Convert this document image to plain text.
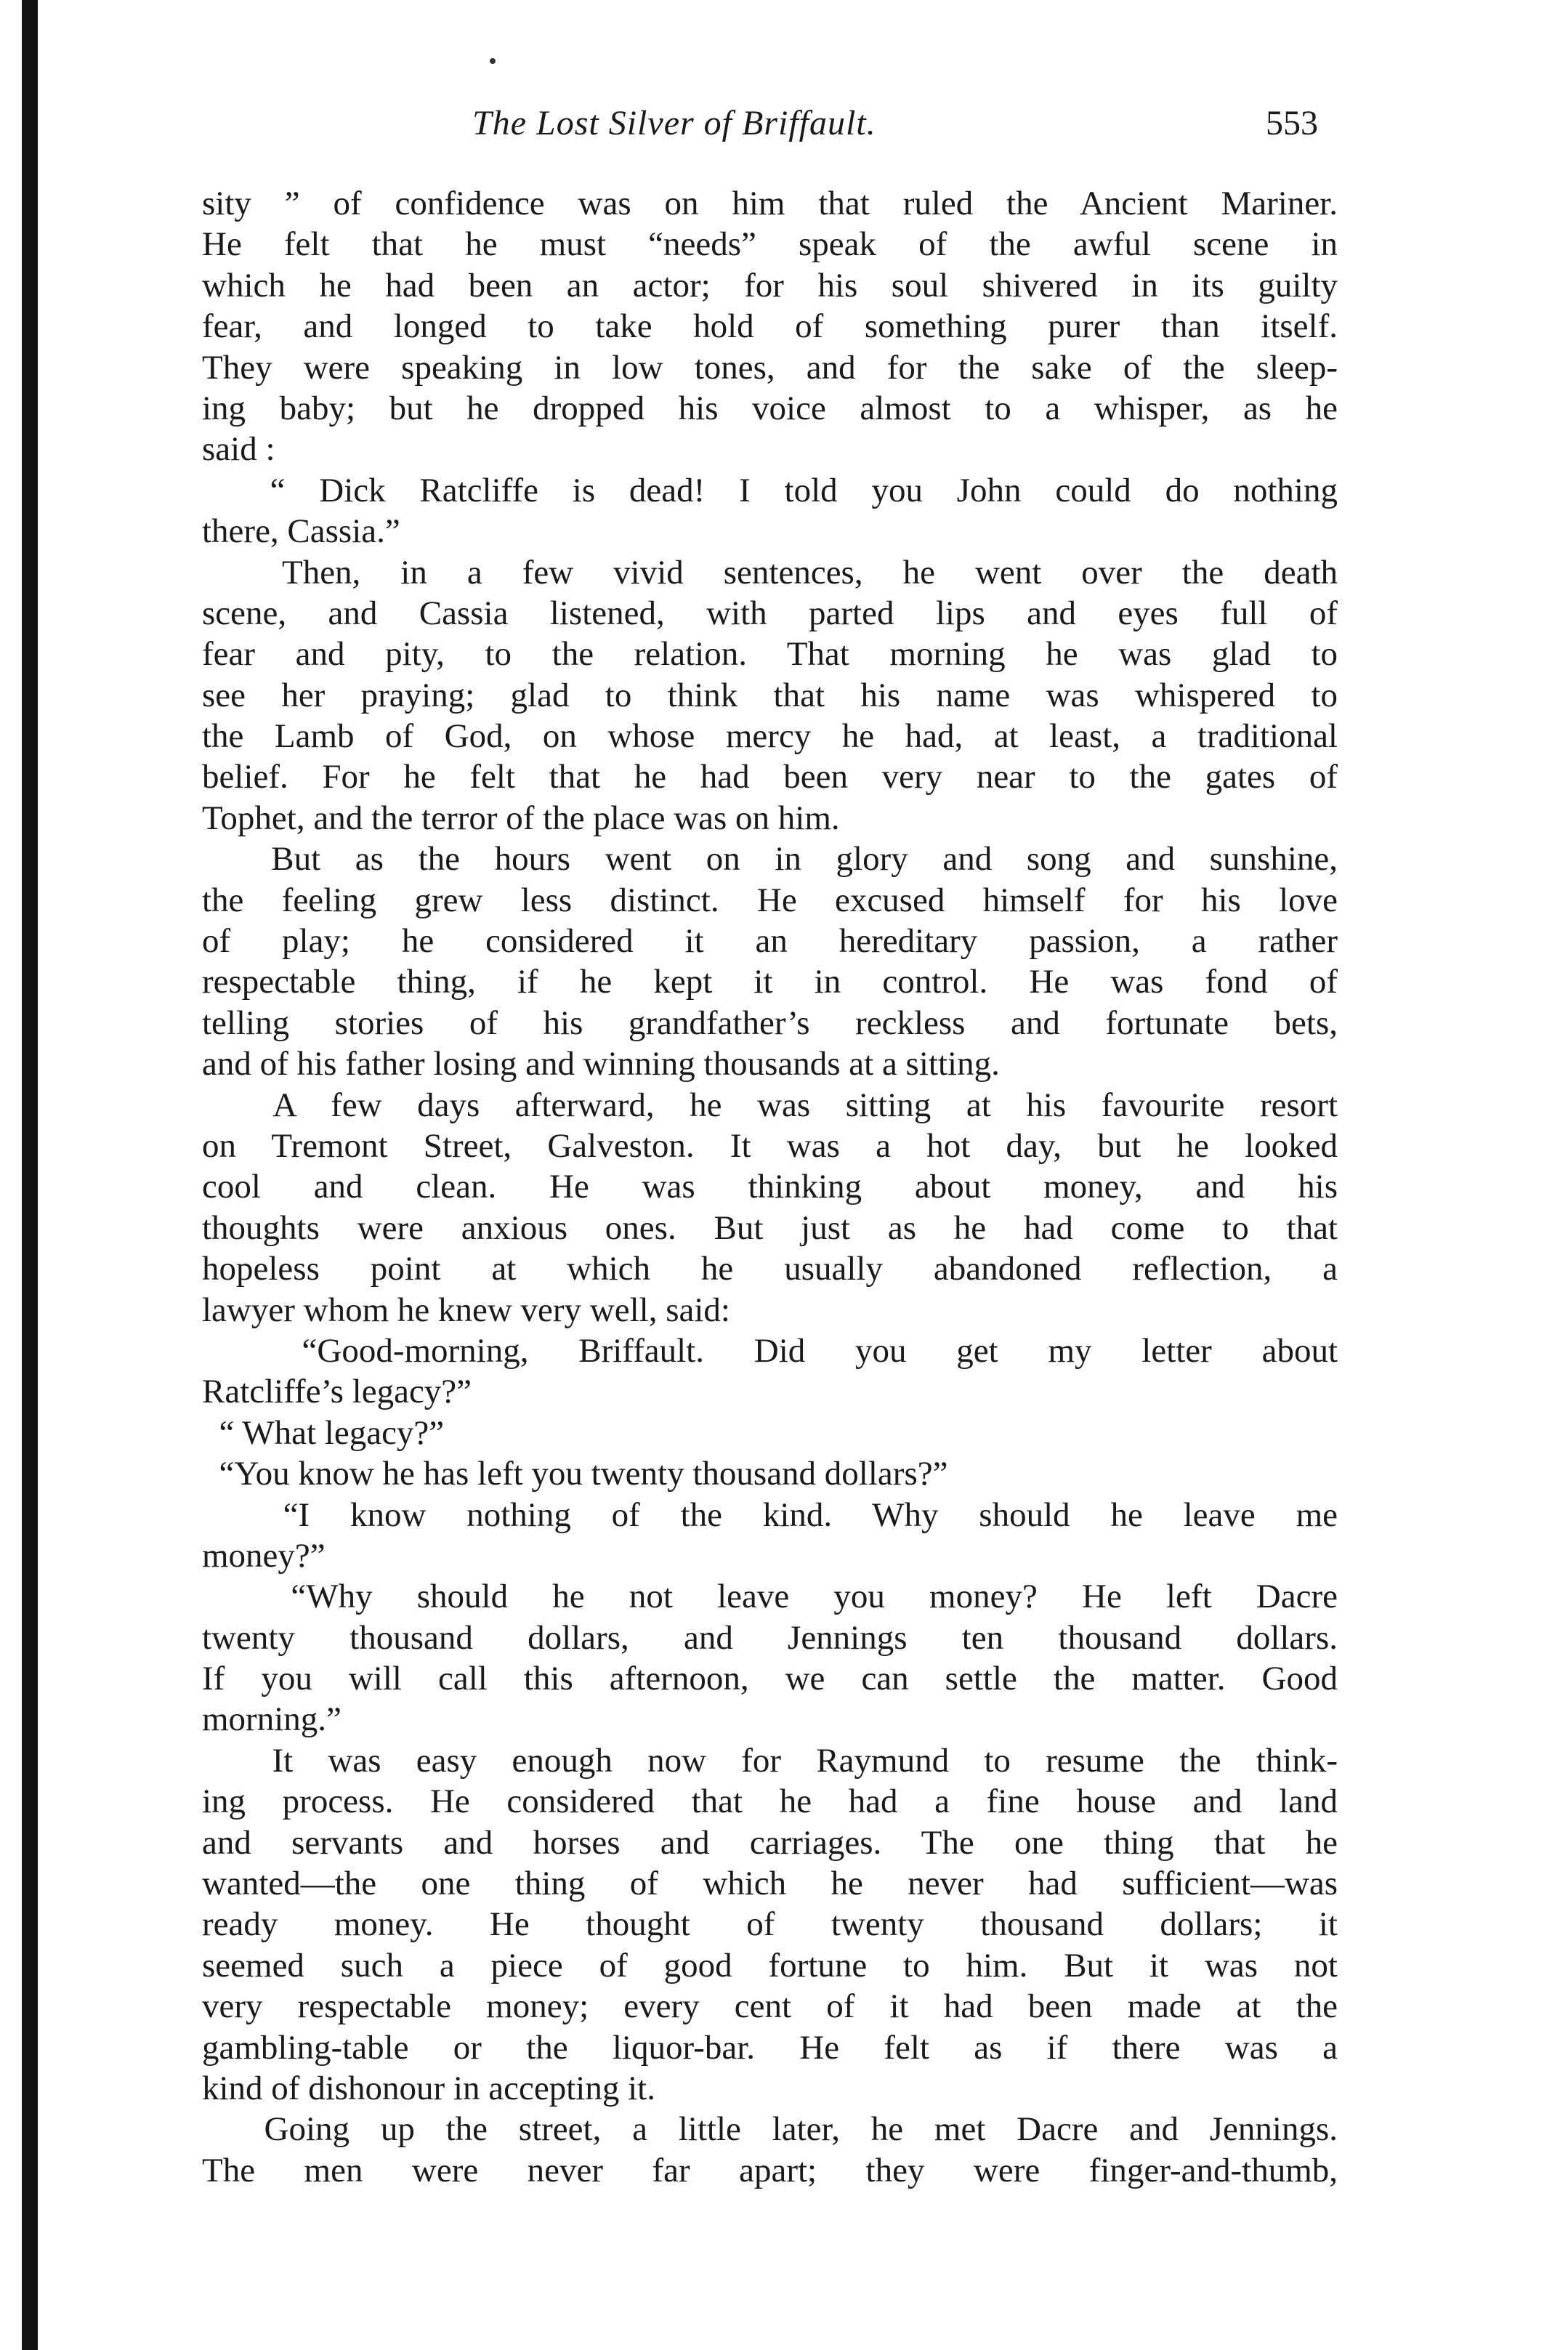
The Lost Silver of Briffault.	553
sity ” of confidence was on him that ruled the Ancient Mariner.
He felt that he must “needs” speak of the awful scene in
which he had been an actor; for his soul shivered in its guilty
fear, and longed to take hold of something purer than itself.
They were speaking in low tones, and for the sake of the sleep-
ing baby; but he dropped his voice almost to a whisper, as he
said :
“ Dick Ratcliffe is dead! I told you John could do nothing
there, Cassia.”
Then, in a few vivid sentences, he went over the death
scene, and Cassia listened, with parted lips and eyes full of
fear and pity, to the relation. That morning he was glad to
see her praying; glad to think that his name was whispered to
the Lamb of God, on whose mercy he had, at least, a traditional
belief. For he felt that he had been very near to the gates of
Tophet, and the terror of the place was on him.
But as the hours went on in glory and song and sunshine,
the feeling grew less distinct. He excused himself for his love
of play; he considered it an hereditary passion, a rather
respectable thing, if he kept it in control. He was fond of
telling stories of his grandfather’s reckless and fortunate bets,
and of his father losing and winning thousands at a sitting.
A few days afterward, he was sitting at his favourite resort
on Tremont Street, Galveston. It was a hot day, but he looked
cool and clean. He was thinking about money, and his
thoughts were anxious ones. But just as he had come to that
hopeless point at which he usually abandoned reflection, a
lawyer whom he knew very well, said:
“Good-morning, Briffault. Did you get my letter about
Ratcliffe’s legacy?”
“ What legacy?”
“You know he has left you twenty thousand dollars?”
“I know nothing of the kind. Why should he leave me
money?”
“Why should he not leave you money? He left Dacre
twenty thousand dollars, and Jennings ten thousand dollars.
If you will call this afternoon, we can settle the matter. Good
morning.”
It was easy enough now for Raymund to resume the think-
ing process. He considered that he had a fine house and land
and servants and horses and carriages. The one thing that he
wanted—the one thing of which he never had sufficient—was
ready money. He thought of twenty thousand dollars; it
seemed such a piece of good fortune to him. But it was not
very respectable money; every cent of it had been made at the
gambling-table or the liquor-bar. He felt as if there was a
kind of dishonour in accepting it.
Going up the street, a little later, he met Dacre and Jennings.
The men were never far apart; they were finger-and-thumb,
